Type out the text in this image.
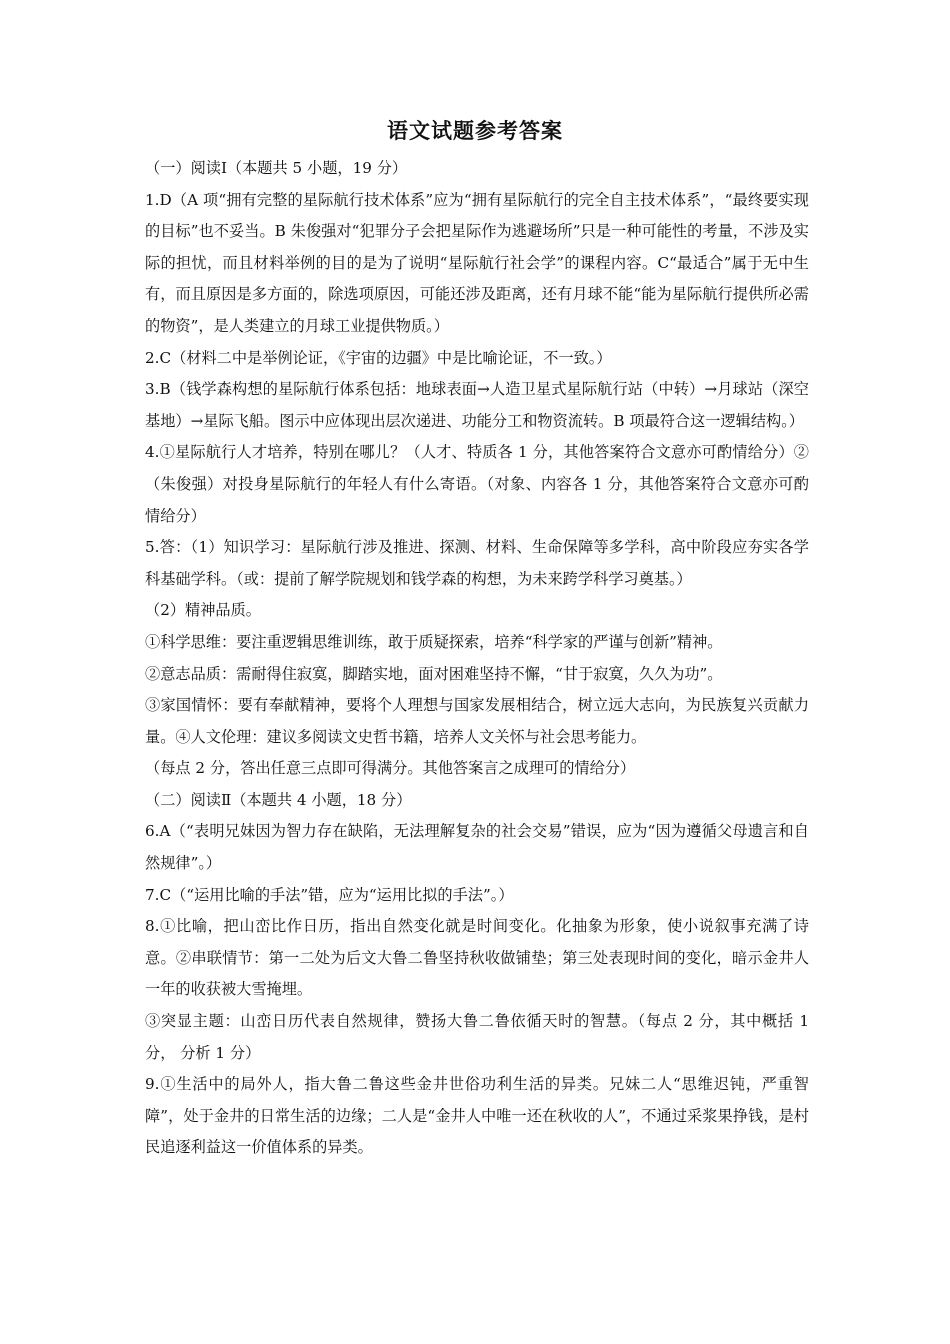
语文试题参考答案

（一）阅读Ⅰ（本题共 5 小题，19 分）

1.D（A 项“拥有完整的星际航行技术体系”应为“拥有星际航行的完全自主技术体系”，“最终要实现的目标”也不妥当。B 朱俊强对“犯罪分子会把星际作为逃避场所”只是一种可能性的考量，不涉及实际的担忧，而且材料举例的目的是为了说明“星际航行社会学”的课程内容。C“最适合”属于无中生有，而且原因是多方面的，除选项原因，可能还涉及距离，还有月球不能“能为星际航行提供所必需的物资”，是人类建立的月球工业提供物质。）

2.C（材料二中是举例论证，《宇宙的边疆》中是比喻论证，不一致。）

3.B（钱学森构想的星际航行体系包括：地球表面→人造卫星式星际航行站（中转）→月球站（深空基地）→星际飞船。图示中应体现出层次递进、功能分工和物资流转。B 项最符合这一逻辑结构。）

4.①星际航行人才培养，特别在哪儿？（人才、特质各 1 分，其他答案符合文意亦可酌情给分）②（朱俊强）对投身星际航行的年轻人有什么寄语。（对象、内容各 1 分，其他答案符合文意亦可酌情给分）

5.答：（1）知识学习：星际航行涉及推进、探测、材料、生命保障等多学科，高中阶段应夯实各学科基础学科。（或：提前了解学院规划和钱学森的构想，为未来跨学科学习奠基。）

（2）精神品质。

①科学思维：要注重逻辑思维训练，敢于质疑探索，培养“科学家的严谨与创新”精神。

②意志品质：需耐得住寂寞，脚踏实地，面对困难坚持不懈，“甘于寂寞，久久为功”。

③家国情怀：要有奉献精神，要将个人理想与国家发展相结合，树立远大志向，为民族复兴贡献力量。④人文伦理：建议多阅读文史哲书籍，培养人文关怀与社会思考能力。

（每点 2 分，答出任意三点即可得满分。其他答案言之成理可的情给分）

（二）阅读Ⅱ（本题共 4 小题，18 分）

6.A（“表明兄妹因为智力存在缺陷，无法理解复杂的社会交易”错误，应为“因为遵循父母遗言和自然规律”。）

7.C（“运用比喻的手法”错，应为“运用比拟的手法”。）

8.①比喻，把山峦比作日历，指出自然变化就是时间变化。化抽象为形象，使小说叙事充满了诗意。②串联情节：第一二处为后文大鲁二鲁坚持秋收做铺垫；第三处表现时间的变化，暗示金井人一年的收获被大雪掩埋。

③突显主题：山峦日历代表自然规律，赞扬大鲁二鲁依循天时的智慧。（每点 2 分，其中概括 1 分， 分析 1 分）

9.①生活中的局外人，指大鲁二鲁这些金井世俗功利生活的异类。兄妹二人“思维迟钝，严重智障”，处于金井的日常生活的边缘；二人是“金井人中唯一还在秋收的人”，不通过采浆果挣钱，是村民追逐利益这一价值体系的异类。
